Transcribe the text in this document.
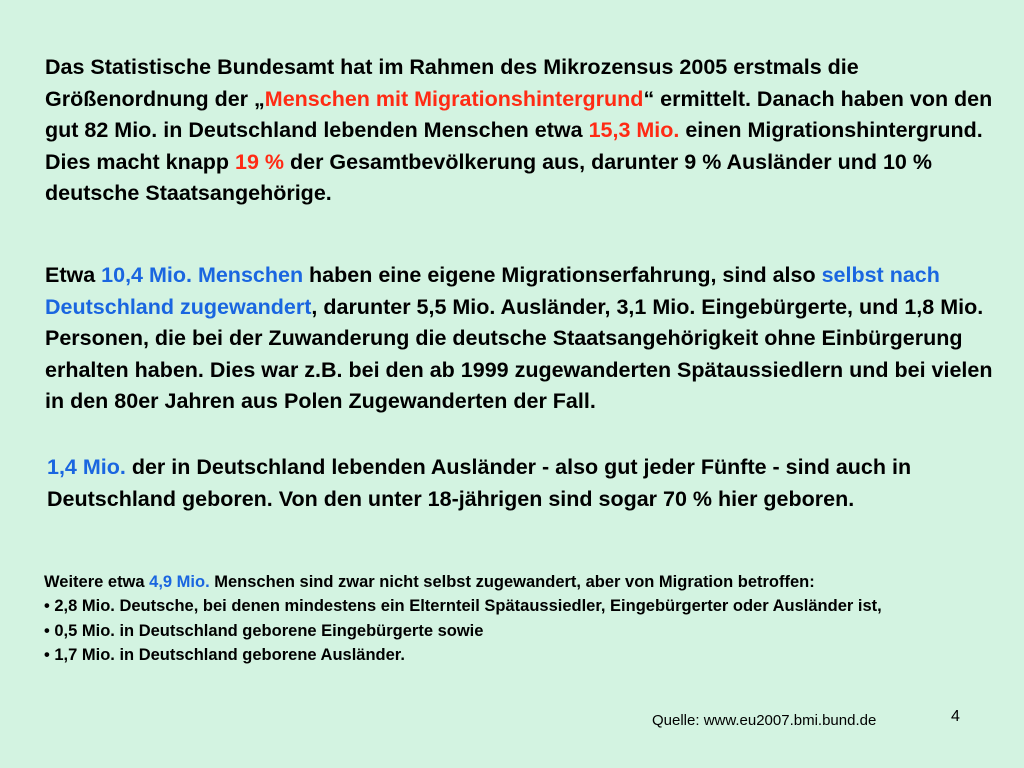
Das Statistische Bundesamt hat im Rahmen des Mikrozensus 2005 erstmals die Größenordnung der „Menschen mit Migrationshintergrund“ ermittelt. Danach haben von den gut 82 Mio. in Deutschland lebenden Menschen etwa 15,3 Mio. einen Migrationshintergrund. Dies macht knapp 19 % der Gesamtbevölkerung aus, darunter 9 % Ausländer und 10 % deutsche Staatsangehörige.

Etwa 10,4 Mio. Menschen haben eine eigene Migrationserfahrung, sind also selbst nach Deutschland zugewandert, darunter 5,5 Mio. Ausländer, 3,1 Mio. Eingebürgerte, und 1,8 Mio. Personen, die bei der Zuwanderung die deutsche Staatsangehörigkeit ohne Einbürgerung erhalten haben. Dies war z.B. bei den ab 1999 zugewanderten Spätaussiedlern und bei vielen in den 80er Jahren aus Polen Zugewanderten der Fall.

1,4 Mio. der in Deutschland lebenden Ausländer - also gut jeder Fünfte - sind auch in Deutschland geboren. Von den unter 18-jährigen sind sogar 70 % hier geboren.

Weitere etwa 4,9 Mio. Menschen sind zwar nicht selbst zugewandert, aber von Migration betroffen:
• 2,8 Mio. Deutsche, bei denen mindestens ein Elternteil Spätaussiedler, Eingebürgerter oder Ausländer ist,
• 0,5 Mio. in Deutschland geborene Eingebürgerte sowie
• 1,7 Mio. in Deutschland geborene Ausländer.
Quelle: www.eu2007.bmi.bund.de	4
